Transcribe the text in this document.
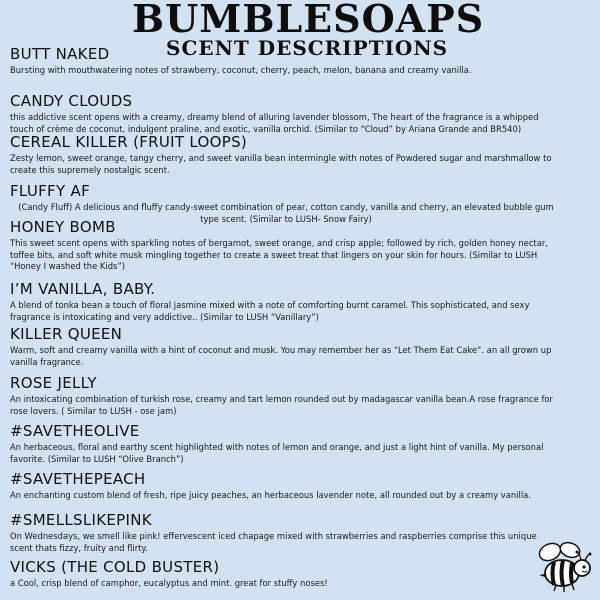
BUMBLESOAPS
SCENT DESCRIPTIONS
BUTT NAKED

Bursting with mouthwatering notes of strawberry, coconut, cherry, peach, melon, banana and creamy vanilla.

CANDY CLOUDS

this addictive scent opens with a creamy, dreamy blend of alluring lavender blossom, The heart of the fragrance is a whipped touch of crème de coconut, indulgent praline, and exotic, vanilla orchid. (Similar to “Cloud” by Ariana Grande and BR540)

CEREAL KILLER (FRUIT LOOPS)

Zesty lemon, sweet orange, tangy cherry, and sweet vanilla bean intermingle with notes of Powdered sugar and marshmallow to create this supremely nostalgic scent.

FLUFFY AF

(Candy Fluff) A delicious and fluffy candy-sweet combination of pear, cotton candy, vanilla and cherry, an elevated bubble gum type scent. (Similar to LUSH- Snow Fairy)

HONEY BOMB

This sweet scent opens with sparkling notes of bergamot, sweet orange, and crisp apple; followed by rich, golden honey nectar, toffee bits, and soft white musk mingling together to create a sweet treat that lingers on your skin for hours. (Similar to LUSH “Honey I washed the Kids”)

I’M VANILLA, BABY.

A blend of tonka bean a touch of floral jasmine mixed with a note of comforting burnt caramel. This sophisticated, and sexy fragrance is intoxicating and very addictive.. (Similar to LUSH “Vanillary”)

KILLER QUEEN

Warm, soft and creamy vanilla with a hint of coconut and musk. You may remember her as “Let Them Eat Cake”. an all grown up vanilla fragrance.

ROSE JELLY

An intoxicating combination of turkish rose, creamy and tart lemon rounded out by madagascar vanilla bean.A rose fragrance for rose lovers. ( Similar to LUSH - ose jam)

#SAVETHEOLIVE

An herbaceous, floral and earthy scent highlighted with notes of lemon and orange, and just a light hint of vanilla. My personal favorite. (Similar to LUSH “Olive Branch”)

#SAVETHEPEACH

An enchanting custom blend of fresh, ripe juicy peaches, an herbaceous lavender note, all rounded out by a creamy vanilla.

#SMELLSLIKEPINK

On Wednesdays, we smell like pink! effervescent iced chapage mixed with strawberries and raspberries comprise this unique scent thats fizzy, fruity and flirty.

VICKS (THE COLD BUSTER)

a Cool, crisp blend of camphor, eucalyptus and mint. great for stuffy noses!
